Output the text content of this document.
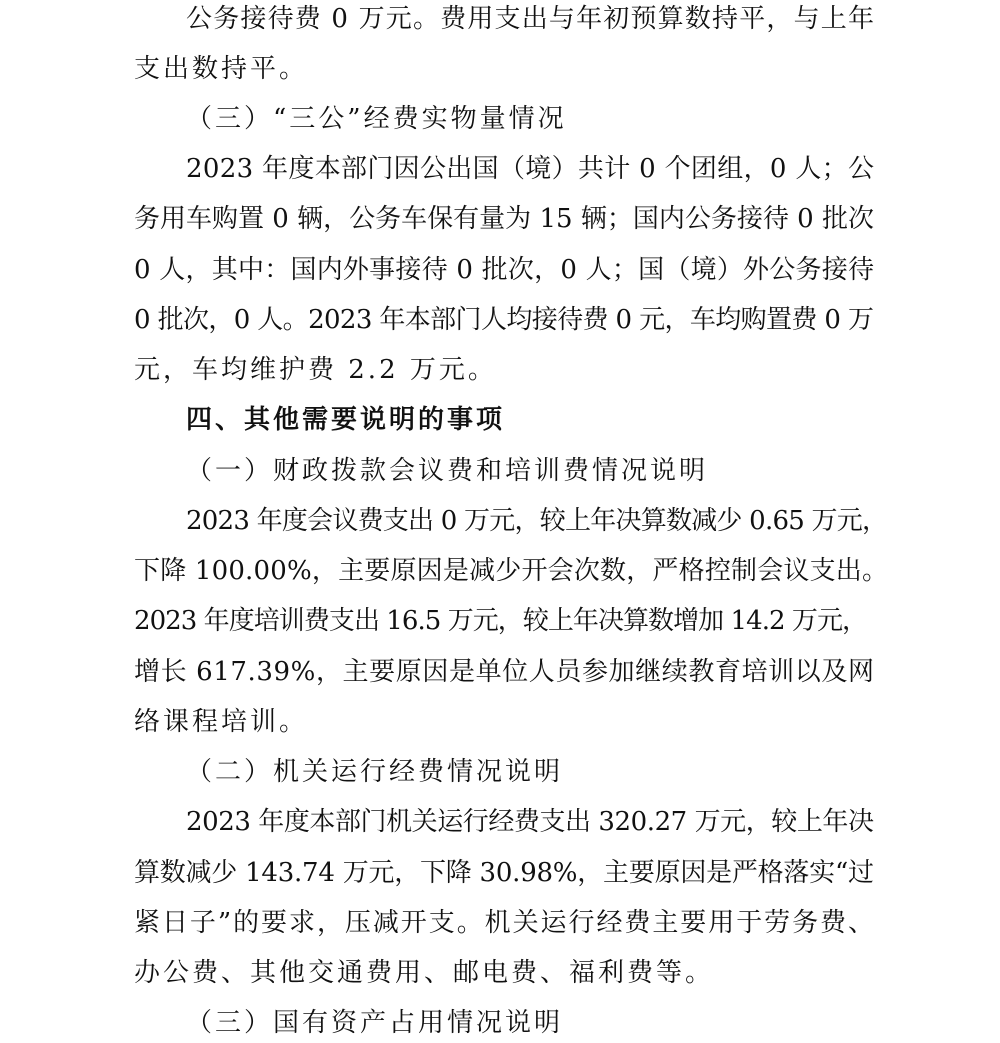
公务接待费 0 万元。费用支出与年初预算数持平，与上年

支出数持平。

（三）“三公”经费实物量情况

2023 年度本部门因公出国（境）共计 0 个团组，0 人；公

务用车购置 0 辆，公务车保有量为 15 辆；国内公务接待 0 批次

0 人，其中：国内外事接待 0 批次，0 人；国（境）外公务接待

0 批次，0 人。2023 年本部门人均接待费 0 元，车均购置费 0 万

元，车均维护费 2.2 万元。

四、其他需要说明的事项

（一）财政拨款会议费和培训费情况说明

2023 年度会议费支出 0 万元，较上年决算数减少 0.65 万元，

下降 100.00%，主要原因是减少开会次数，严格控制会议支出。

2023 年度培训费支出 16.5 万元，较上年决算数增加 14.2 万元，

增长 617.39%，主要原因是单位人员参加继续教育培训以及网

络课程培训。

（二）机关运行经费情况说明

2023 年度本部门机关运行经费支出 320.27 万元，较上年决

算数减少 143.74 万元，下降 30.98%，主要原因是严格落实“过

紧日子”的要求，压减开支。机关运行经费主要用于劳务费、

办公费、其他交通费用、邮电费、福利费等。

（三）国有资产占用情况说明
